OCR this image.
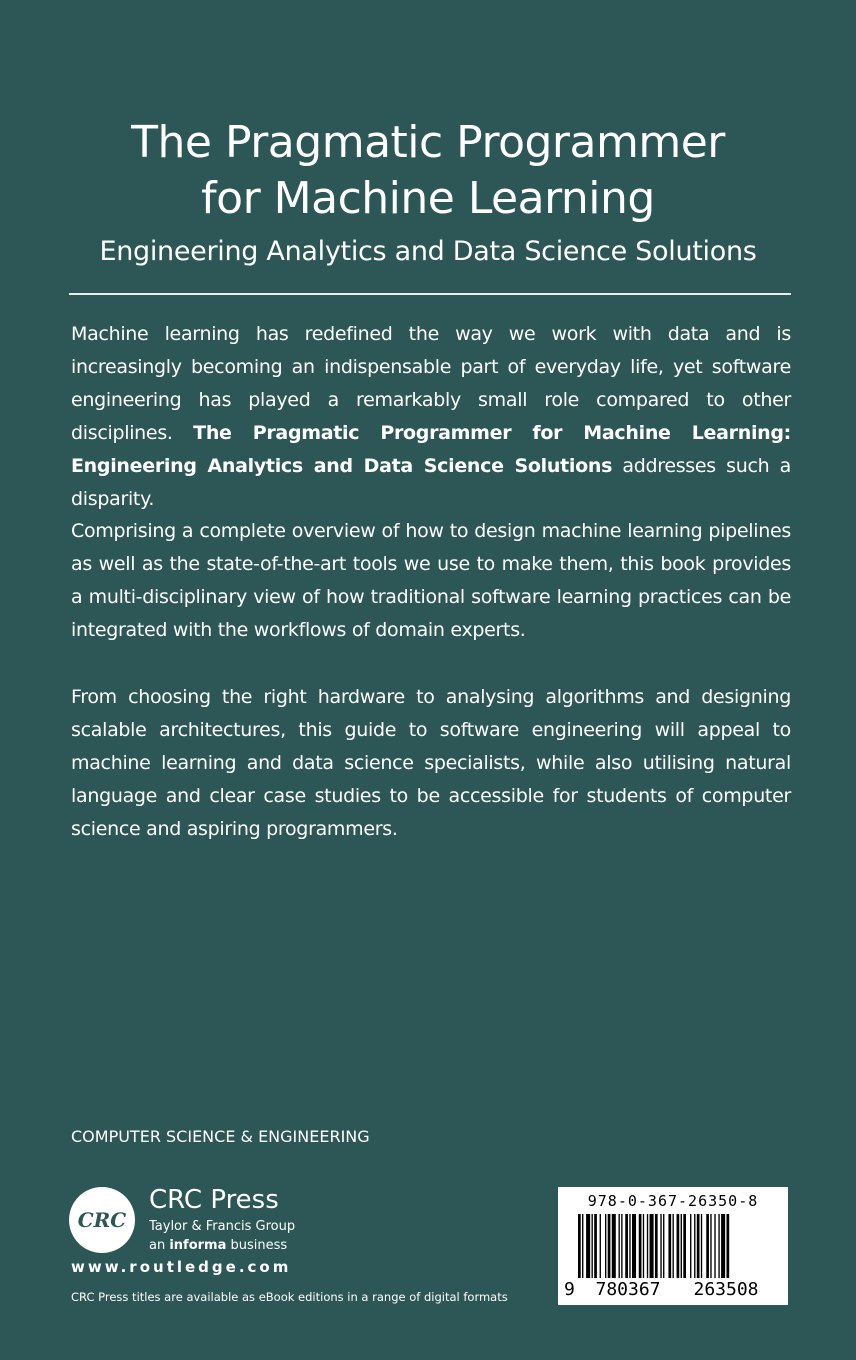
The Pragmatic Programmer
for Machine Learning
Engineering Analytics and Data Science Solutions

Machine learning has redefined the way we work with data and is increasingly becoming an indispensable part of everyday life, yet software engineering has played a remarkably small role compared to other disciplines. The Pragmatic Programmer for Machine Learning: Engineering Analytics and Data Science Solutions addresses such a disparity.

Comprising a complete overview of how to design machine learning pipelines as well as the state-of-the-art tools we use to make them, this book provides a multi-disciplinary view of how traditional software learning practices can be integrated with the workflows of domain experts.

From choosing the right hardware to analysing algorithms and designing scalable architectures, this guide to software engineering will appeal to machine learning and data science specialists, while also utilising natural language and clear case studies to be accessible for students of computer science and aspiring programmers.

COMPUTER SCIENCE & ENGINEERING
CRC
CRC Press
Taylor & Francis Group
an informa business
www.routledge.com
CRC Press titles are available as eBook editions in a range of digital formats
978-0-367-26350-8
9	780367	263508
